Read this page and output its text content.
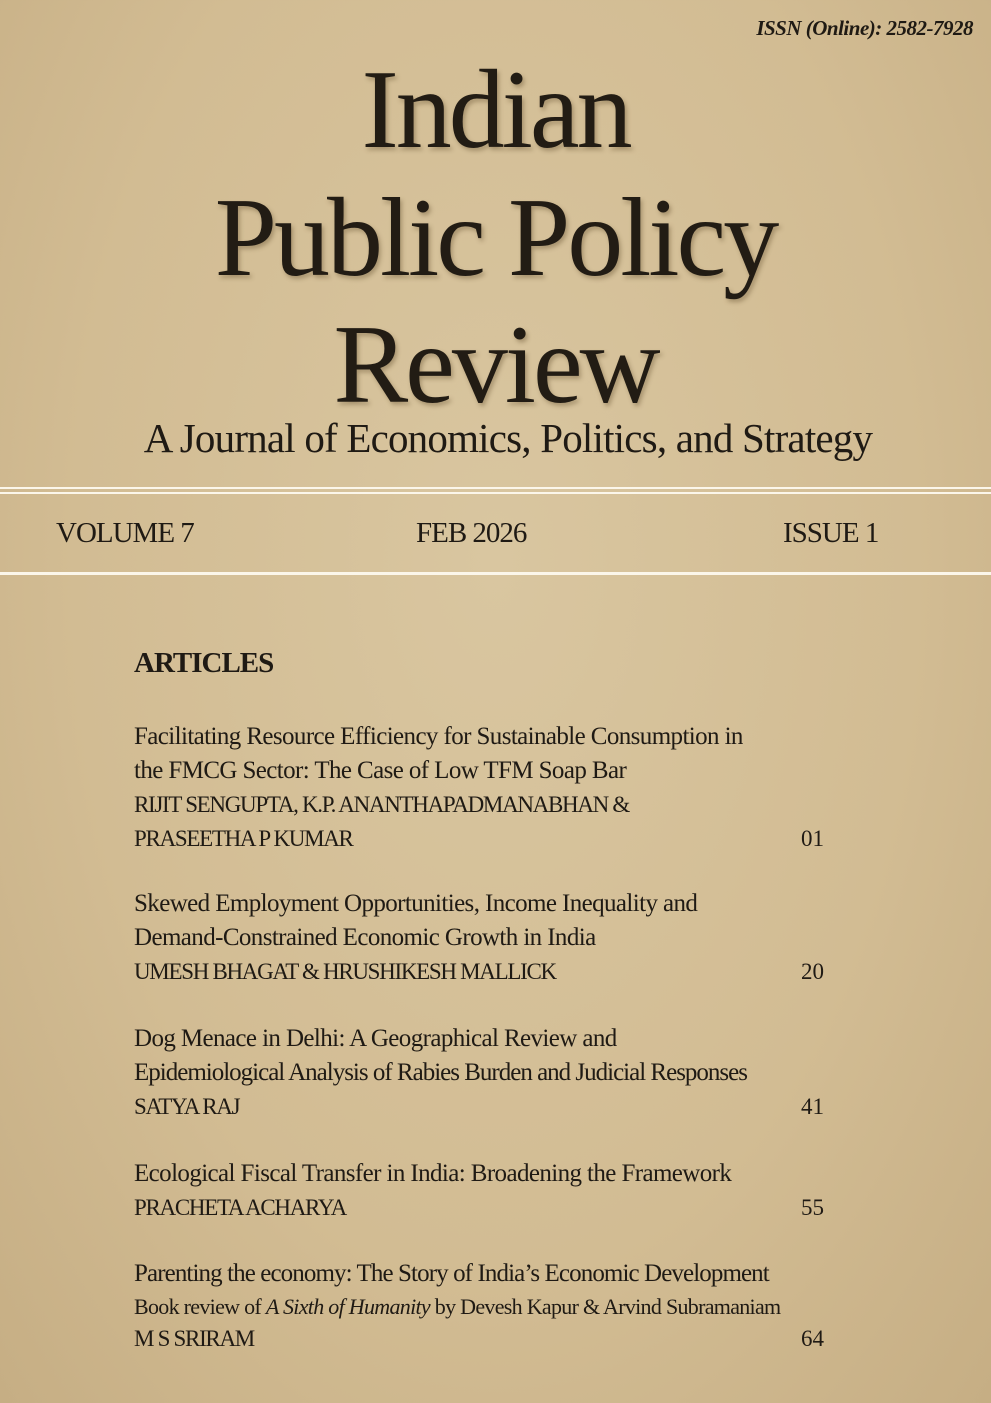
ISSN (Online): 2582-7928
Indian
Public Policy
Review
A Journal of Economics, Politics, and Strategy
VOLUME 7	FEB 2026	ISSUE 1
ARTICLES
Facilitating Resource Efficiency for Sustainable Consumption in
the FMCG Sector: The Case of Low TFM Soap Bar
RIJIT SENGUPTA, K.P. ANANTHAPADMANABHAN &
PRASEETHA P KUMAR	01
Skewed Employment Opportunities, Income Inequality and
Demand-Constrained Economic Growth in India
UMESH BHAGAT & HRUSHIKESH MALLICK	20
Dog Menace in Delhi: A Geographical Review and
Epidemiological Analysis of Rabies Burden and Judicial Responses
SATYA RAJ	41
Ecological Fiscal Transfer in India: Broadening the Framework
PRACHETA ACHARYA	55
Parenting the economy: The Story of India’s Economic Development
Book review of A Sixth of Humanity by Devesh Kapur & Arvind Subramaniam
M S SRIRAM	64
